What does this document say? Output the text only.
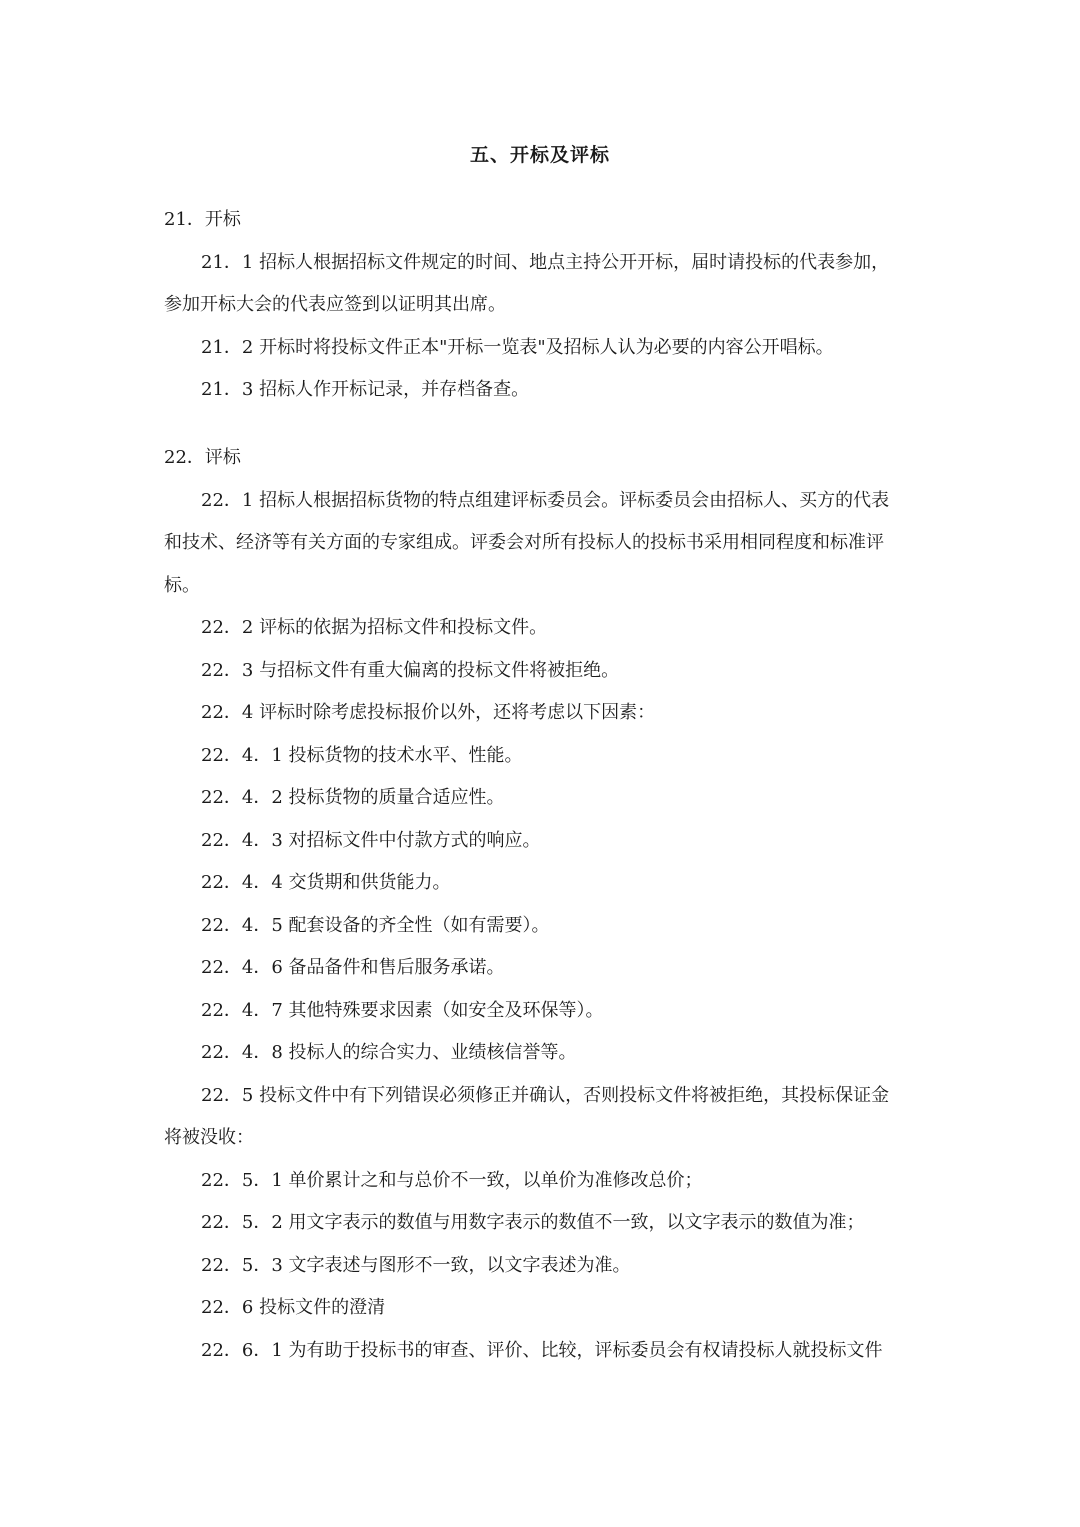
五、开标及评标
21．开标
21．1 招标人根据招标文件规定的时间、地点主持公开开标，届时请投标的代表参加，
参加开标大会的代表应签到以证明其出席。
21．2 开标时将投标文件正本"开标一览表"及招标人认为必要的内容公开唱标。
21．3 招标人作开标记录，并存档备查。
22．评标
22．1 招标人根据招标货物的特点组建评标委员会。评标委员会由招标人、买方的代表
和技术、经济等有关方面的专家组成。评委会对所有投标人的投标书采用相同程度和标准评
标。
22．2 评标的依据为招标文件和投标文件。
22．3 与招标文件有重大偏离的投标文件将被拒绝。
22．4 评标时除考虑投标报价以外，还将考虑以下因素：
22．4．1 投标货物的技术水平、性能。
22．4．2 投标货物的质量合适应性。
22．4．3 对招标文件中付款方式的响应。
22．4．4 交货期和供货能力。
22．4．5 配套设备的齐全性（如有需要）。
22．4．6 备品备件和售后服务承诺。
22．4．7 其他特殊要求因素（如安全及环保等）。
22．4．8 投标人的综合实力、业绩核信誉等。
22．5 投标文件中有下列错误必须修正并确认，否则投标文件将被拒绝，其投标保证金
将被没收：
22．5．1 单价累计之和与总价不一致，以单价为准修改总价；
22．5．2 用文字表示的数值与用数字表示的数值不一致，以文字表示的数值为准；
22．5．3 文字表述与图形不一致，以文字表述为准。
22．6 投标文件的澄清
22．6．1 为有助于投标书的审查、评价、比较，评标委员会有权请投标人就投标文件
